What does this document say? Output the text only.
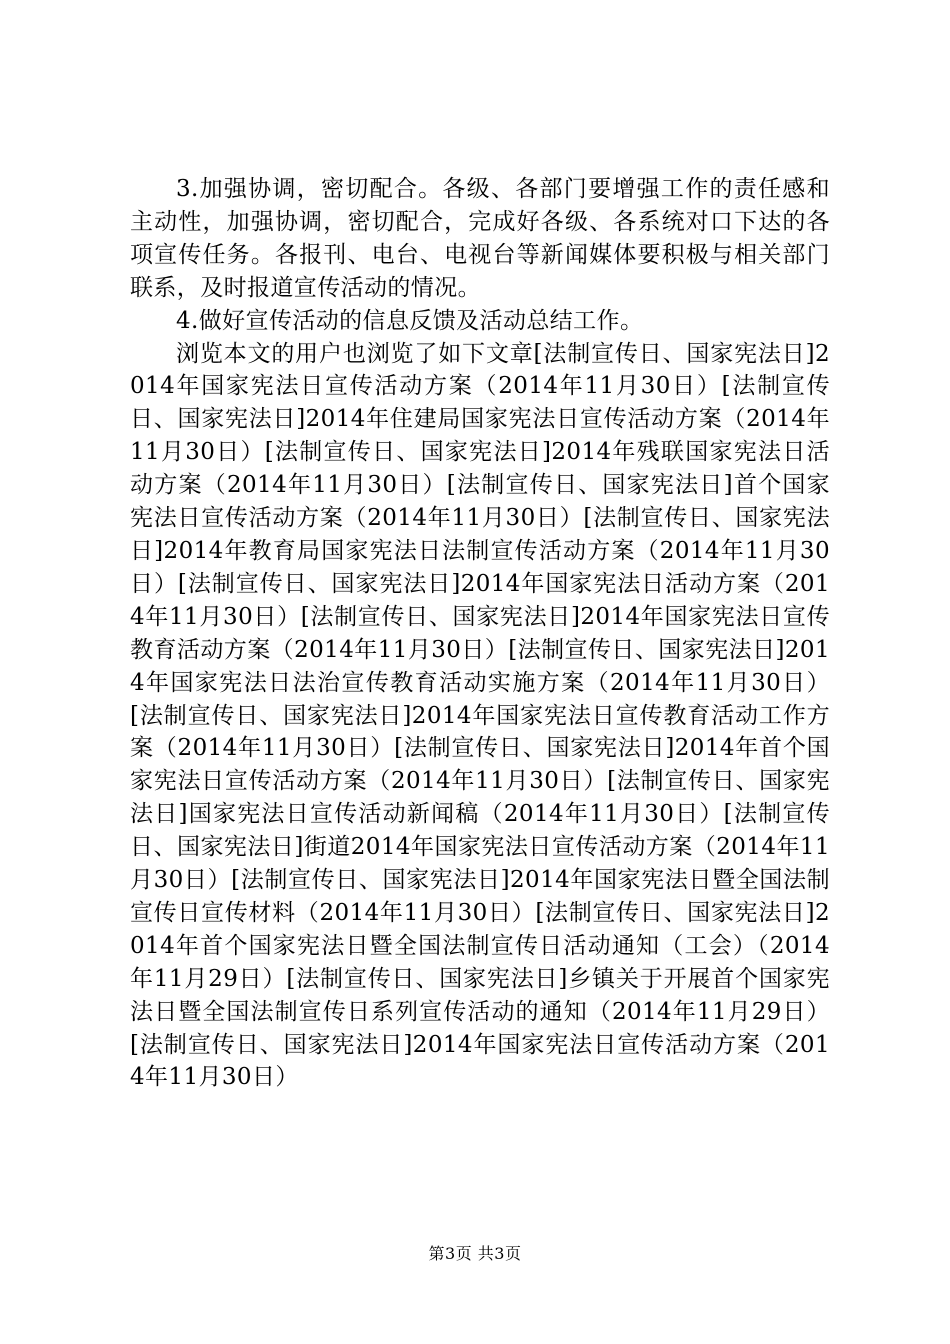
3.加强协调，密切配合。各级、各部门要增强工作的责任感和主动性，加强协调，密切配合，完成好各级、各系统对口下达的各项宣传任务。各报刊、电台、电视台等新闻媒体要积极与相关部门联系，及时报道宣传活动的情况。

4.做好宣传活动的信息反馈及活动总结工作。

浏览本文的用户也浏览了如下文章[法制宣传日、国家宪法日]2014年国家宪法日宣传活动方案（2014年11月30日）[法制宣传日、国家宪法日]2014年住建局国家宪法日宣传活动方案（2014年11月30日）[法制宣传日、国家宪法日]2014年残联国家宪法日活动方案（2014年11月30日）[法制宣传日、国家宪法日]首个国家宪法日宣传活动方案（2014年11月30日）[法制宣传日、国家宪法日]2014年教育局国家宪法日法制宣传活动方案（2014年11月30日）[法制宣传日、国家宪法日]2014年国家宪法日活动方案（2014年11月30日）[法制宣传日、国家宪法日]2014年国家宪法日宣传教育活动方案（2014年11月30日）[法制宣传日、国家宪法日]2014年国家宪法日法治宣传教育活动实施方案（2014年11月30日）[法制宣传日、国家宪法日]2014年国家宪法日宣传教育活动工作方案（2014年11月30日）[法制宣传日、国家宪法日]2014年首个国家宪法日宣传活动方案（2014年11月30日）[法制宣传日、国家宪法日]国家宪法日宣传活动新闻稿（2014年11月30日）[法制宣传日、国家宪法日]街道2014年国家宪法日宣传活动方案（2014年11月30日）[法制宣传日、国家宪法日]2014年国家宪法日暨全国法制宣传日宣传材料（2014年11月30日）[法制宣传日、国家宪法日]2014年首个国家宪法日暨全国法制宣传日活动通知（工会）（2014年11月29日）[法制宣传日、国家宪法日]乡镇关于开展首个国家宪法日暨全国法制宣传日系列宣传活动的通知（2014年11月29日）[法制宣传日、国家宪法日]2014年国家宪法日宣传活动方案（2014年11月30日）

第3页 共3页
